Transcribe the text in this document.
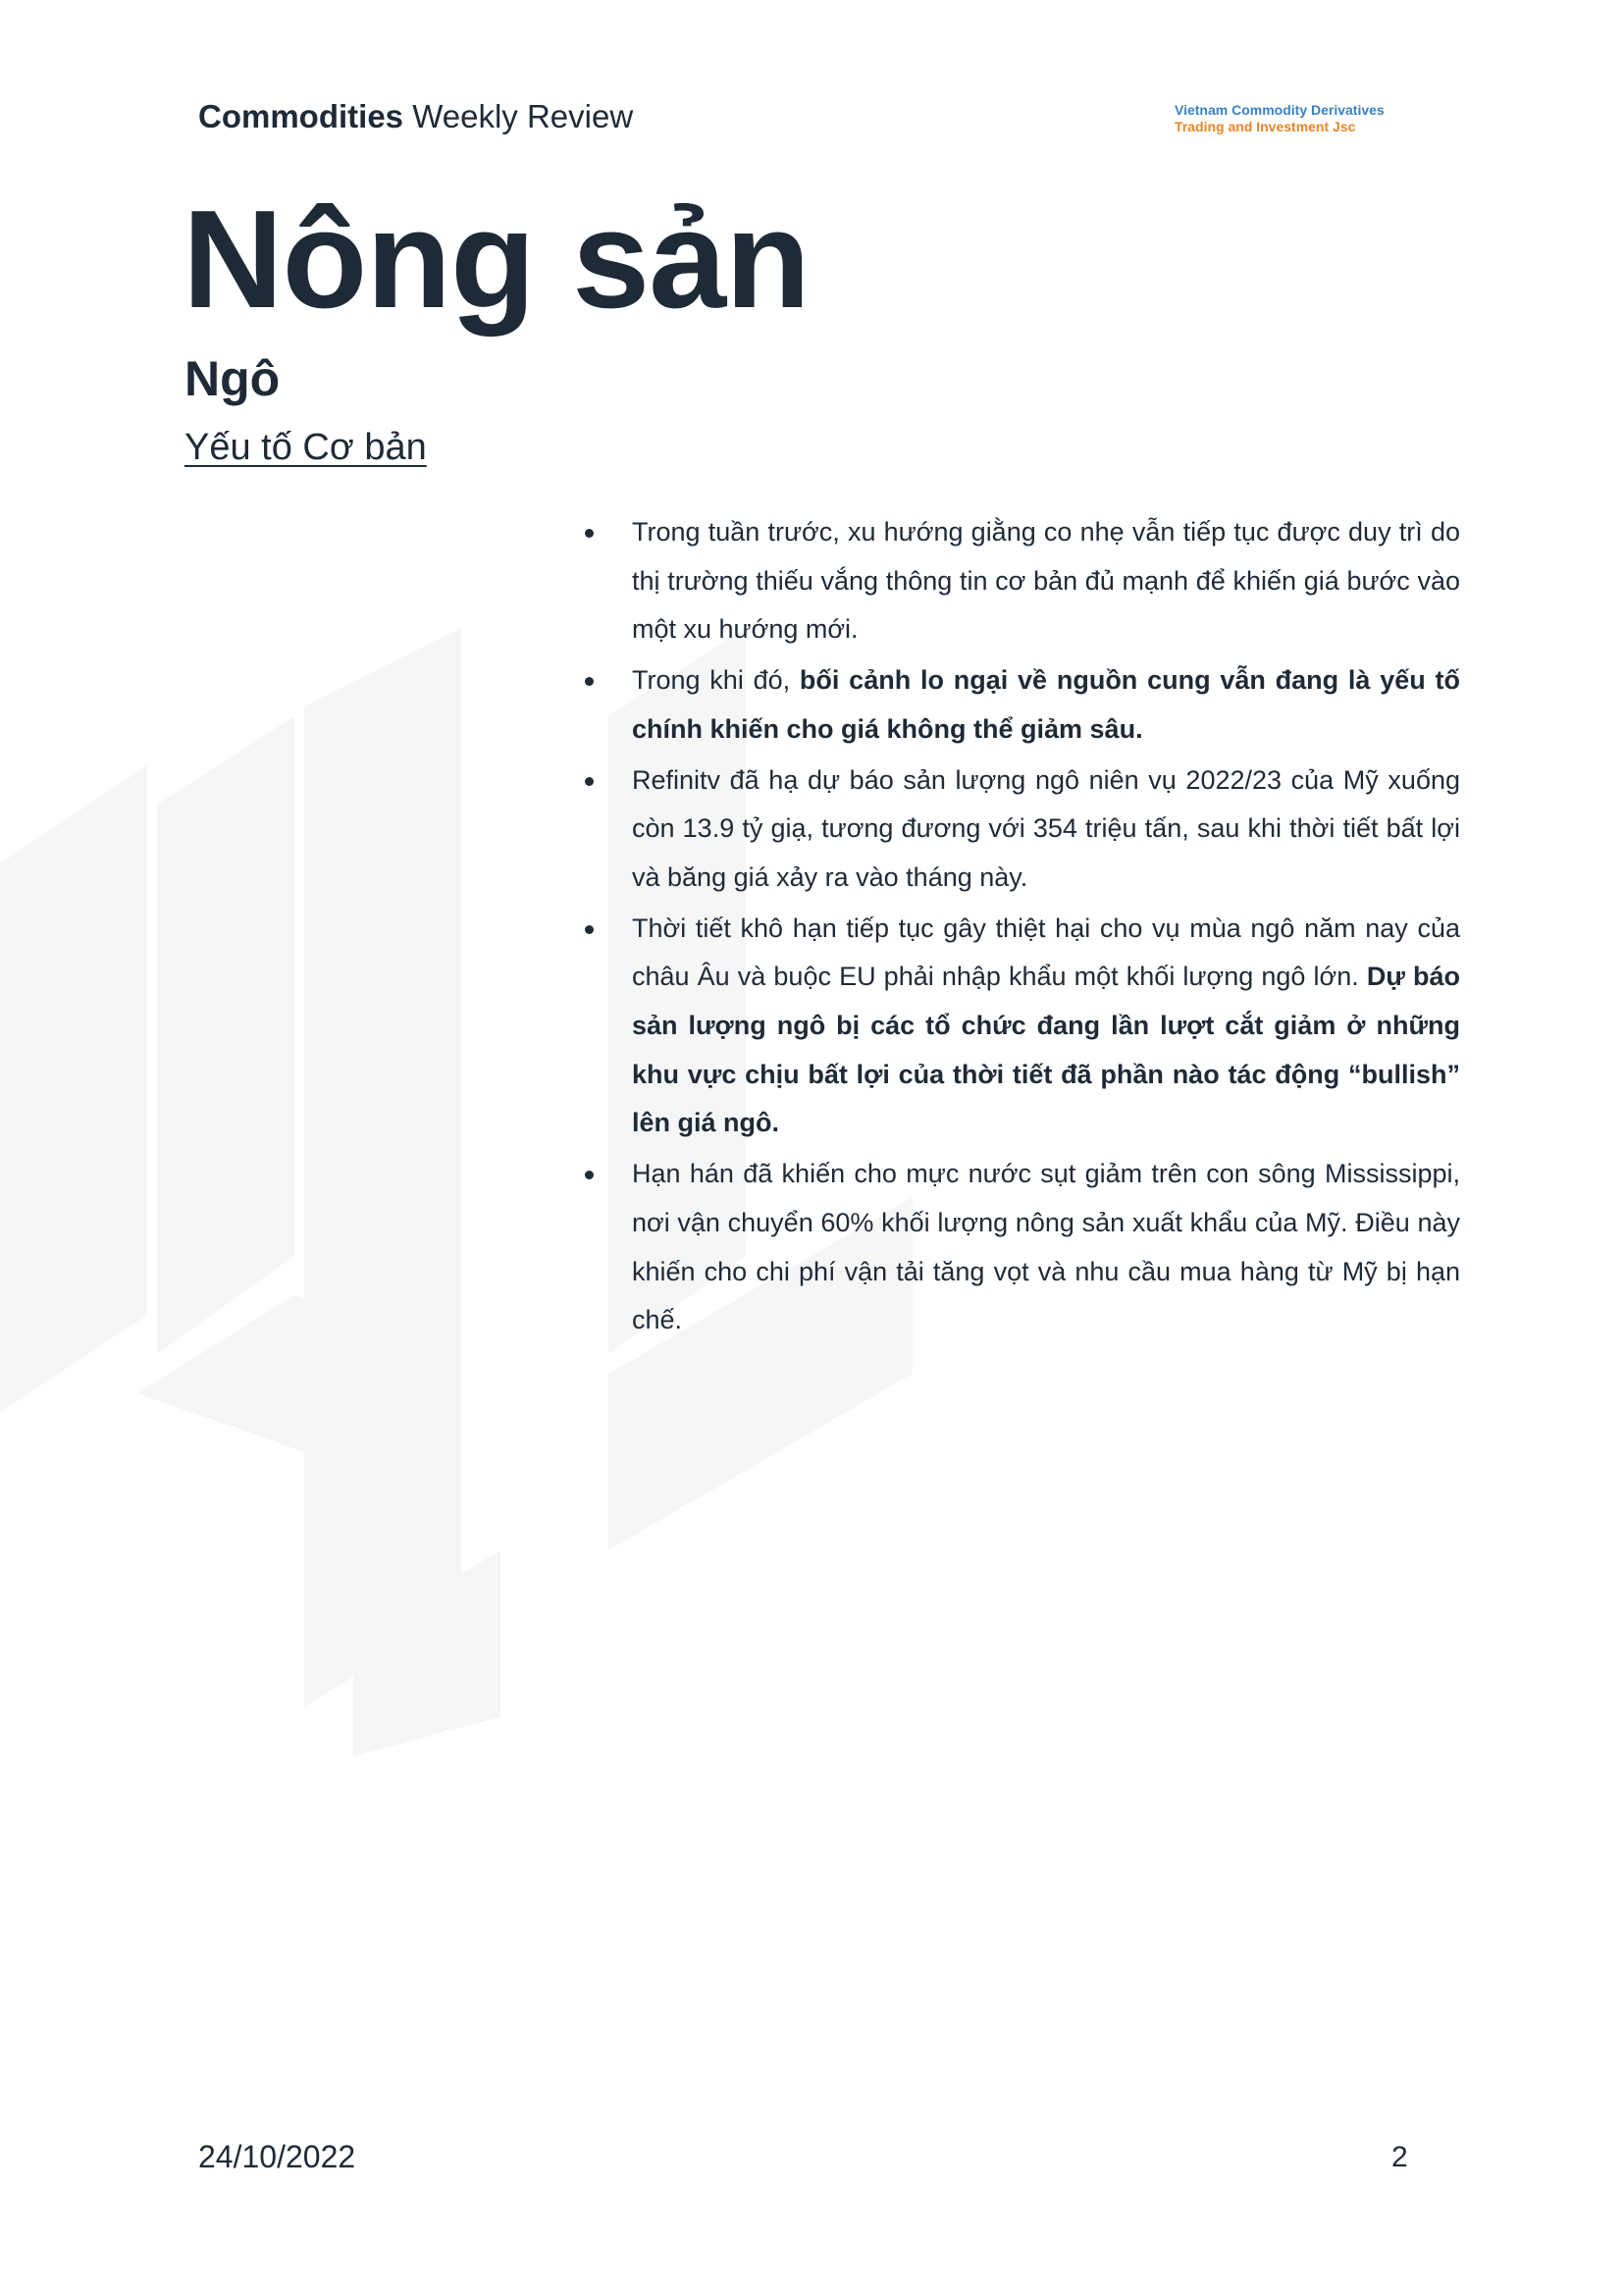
Commodities Weekly Review	Vietnam Commodity Derivatives
Trading and Investment Jsc
Nông sản
Ngô
Yếu tố Cơ bản
Trong tuần trước, xu hướng giằng co nhẹ vẫn tiếp tục được duy trì do thị trường thiếu vắng thông tin cơ bản đủ mạnh để khiến giá bước vào một xu hướng mới.
Trong khi đó, bối cảnh lo ngại về nguồn cung vẫn đang là yếu tố chính khiến cho giá không thể giảm sâu.
Refinitv đã hạ dự báo sản lượng ngô niên vụ 2022/23 của Mỹ xuống còn 13.9 tỷ giạ, tương đương với 354 triệu tấn, sau khi thời tiết bất lợi và băng giá xảy ra vào tháng này.
Thời tiết khô hạn tiếp tục gây thiệt hại cho vụ mùa ngô năm nay của châu Âu và buộc EU phải nhập khẩu một khối lượng ngô lớn. Dự báo sản lượng ngô bị các tổ chức đang lần lượt cắt giảm ở những khu vực chịu bất lợi của thời tiết đã phần nào tác động “bullish” lên giá ngô.
Hạn hán đã khiến cho mực nước sụt giảm trên con sông Mississippi, nơi vận chuyển 60% khối lượng nông sản xuất khẩu của Mỹ. Điều này khiến cho chi phí vận tải tăng vọt và nhu cầu mua hàng từ Mỹ bị hạn chế.
24/10/2022	2
